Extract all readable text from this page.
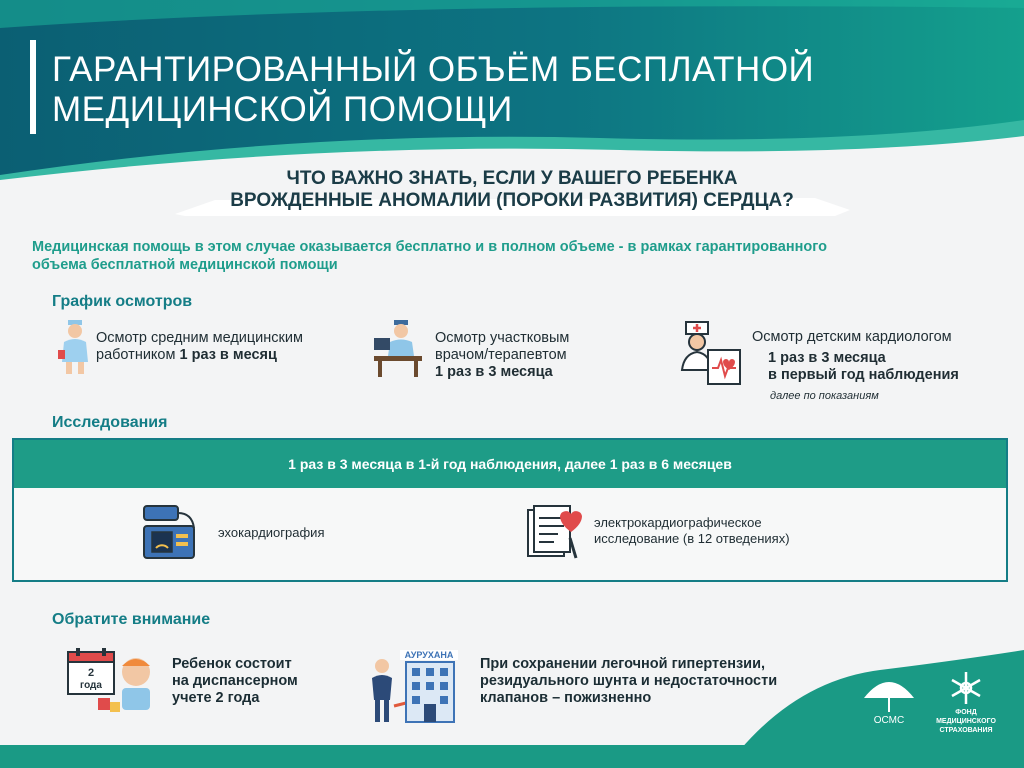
ГАРАНТИРОВАННЫЙ ОБЪЁМ БЕСПЛАТНОЙ
МЕДИЦИНСКОЙ ПОМОЩИ
ЧТО ВАЖНО ЗНАТЬ, ЕСЛИ У ВАШЕГО РЕБЕНКА
ВРОЖДЕННЫЕ АНОМАЛИИ (ПОРОКИ РАЗВИТИЯ) СЕРДЦА?
Медицинская помощь в этом случае оказывается бесплатно и в полном объеме - в рамках гарантированного
объема бесплатной медицинской помощи
График осмотров
Осмотр средним медицинским
работником 1 раз в месяц
Осмотр участковым
врачом/терапевтом
1 раз в 3 месяца
Осмотр детским кардиологом
1 раз в 3 месяца
в первый год наблюдения
далее по показаниям
Исследования
1 раз в 3 месяца в 1-й год наблюдения, далее 1 раз в 6 месяцев
эхокардиография
электрокардиографическое
исследование (в 12 отведениях)
Обратите внимание
2
года
Ребенок состоит
на диспансерном
учете 2 года
АУРУХАНА
При сохранении легочной гипертензии,
резидуального шунта и недостаточности
клапанов – пожизненно
ОСМС
ФОНД
МЕДИЦИНСКОГО
СТРАХОВАНИЯ
